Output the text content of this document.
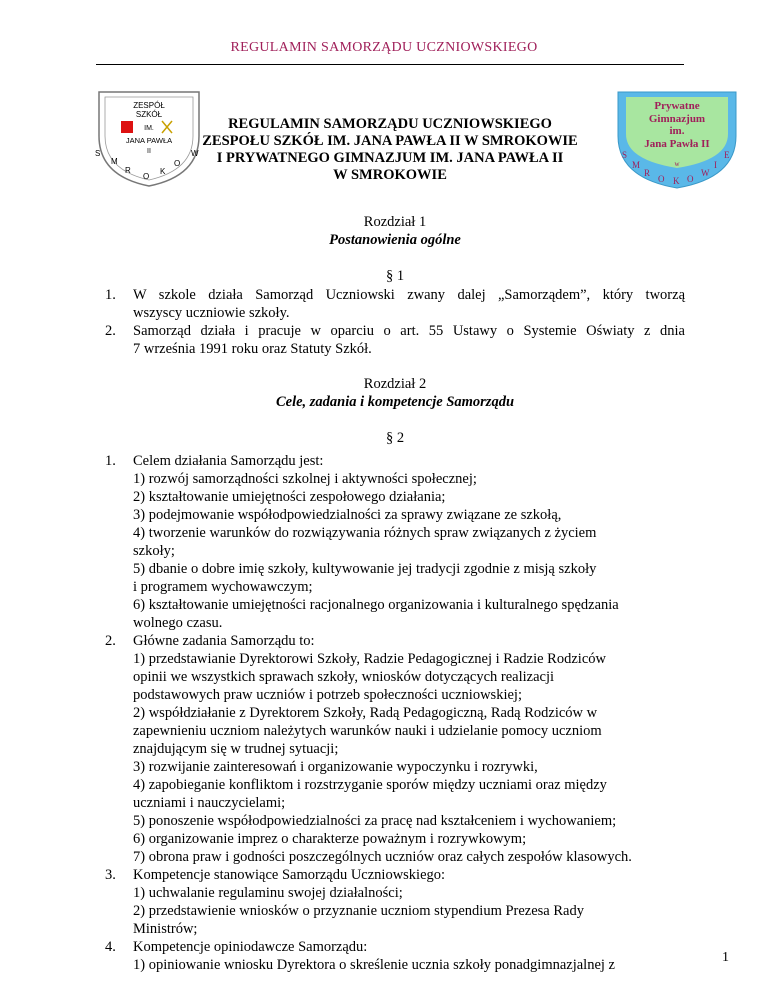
REGULAMIN SAMORZĄDU UCZNIOWSKIEGO
ZESPÓŁ
SZKÓŁ
IM.
JANA PAWŁA
II
S
M
R
O
K
O
W
REGULAMIN SAMORZĄDU UCZNIOWSKIEGO
ZESPOŁU SZKÓŁ IM. JANA PAWŁA II W SMROKOWIE
I PRYWATNEGO GIMNAZJUM IM. JANA PAWŁA II
W SMROKOWIE
Prywatne
Gimnazjum
im.
Jana Pawła II
S
M
R
O K O
W
I
E
w
Rozdział 1
Postanowienia ogólne
§ 1
1. W szkole działa Samorząd Uczniowski zwany dalej „Samorządem”, który tworzą
wszyscy uczniowie szkoły.
2. Samorząd działa i pracuje w oparciu o art. 55 Ustawy o Systemie Oświaty z dnia
7 września 1991 roku oraz Statuty Szkół.
Rozdział 2
Cele, zadania i kompetencje Samorządu
§ 2
1. Celem działania Samorządu jest:
1) rozwój samorządności szkolnej i aktywności społecznej;
2) kształtowanie umiejętności zespołowego działania;
3) podejmowanie współodpowiedzialności za sprawy związane ze szkołą,
4) tworzenie warunków do rozwiązywania różnych spraw związanych z życiem
szkoły;
5) dbanie o dobre imię szkoły, kultywowanie jej tradycji zgodnie z misją szkoły
i programem wychowawczym;
6) kształtowanie umiejętności racjonalnego organizowania i kulturalnego spędzania
wolnego czasu.
2. Główne zadania Samorządu to:
1) przedstawianie Dyrektorowi Szkoły, Radzie Pedagogicznej i Radzie Rodziców
opinii we wszystkich sprawach szkoły, wniosków dotyczących realizacji
podstawowych praw uczniów i potrzeb społeczności uczniowskiej;
2) współdziałanie z Dyrektorem Szkoły, Radą Pedagogiczną, Radą Rodziców w
zapewnieniu uczniom należytych warunków nauki i udzielanie pomocy uczniom
znajdującym się w trudnej sytuacji;
3) rozwijanie zainteresowań i organizowanie wypoczynku i rozrywki,
4) zapobieganie konfliktom i rozstrzyganie sporów między uczniami oraz między
uczniami i nauczycielami;
5) ponoszenie współodpowiedzialności za pracę nad kształceniem i wychowaniem;
6) organizowanie imprez o charakterze poważnym i rozrywkowym;
7) obrona praw i godności poszczególnych uczniów oraz całych zespołów klasowych.
3. Kompetencje stanowiące Samorządu Uczniowskiego:
1) uchwalanie regulaminu swojej działalności;
2) przedstawienie wniosków o przyznanie uczniom stypendium Prezesa Rady
Ministrów;
4. Kompetencje opiniodawcze Samorządu:
1) opiniowanie wniosku Dyrektora o skreślenie ucznia szkoły ponadgimnazjalnej z	1
